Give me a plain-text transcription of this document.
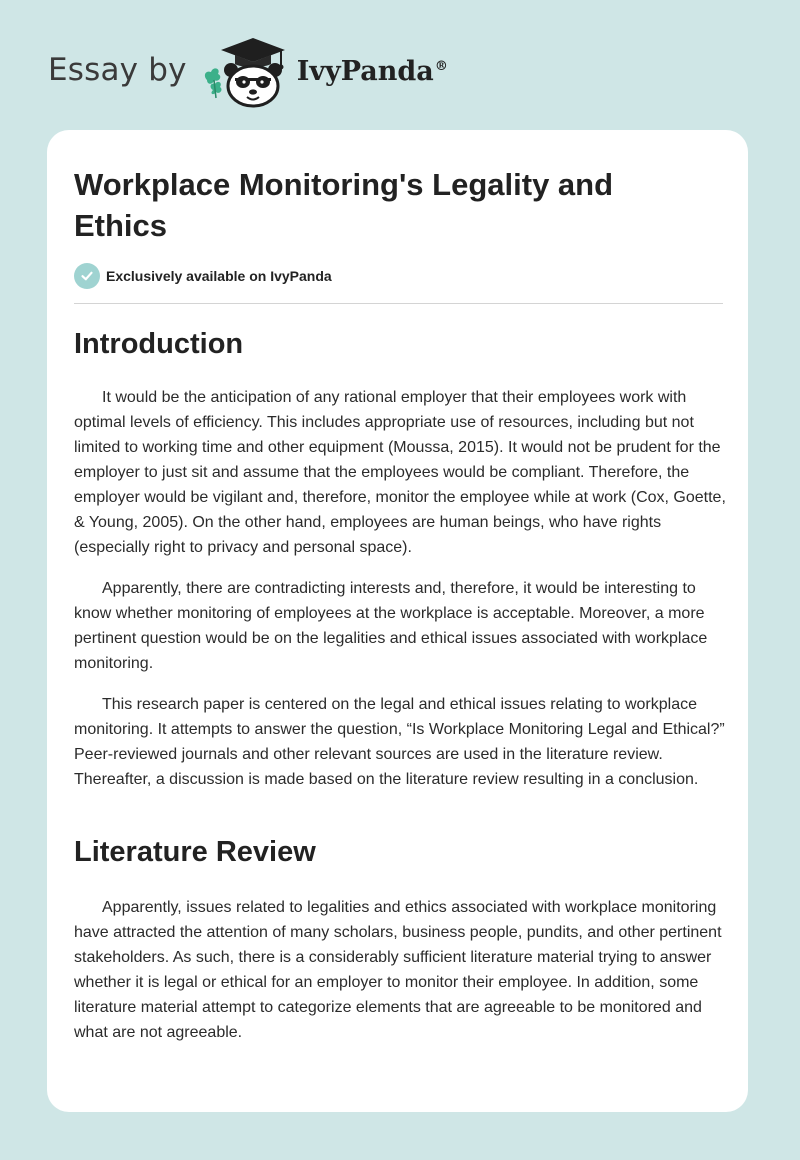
Essay by	IvyPanda®
Workplace Monitoring's Legality and Ethics
Exclusively available on IvyPanda
Introduction

It would be the anticipation of any rational employer that their employees work with optimal levels of efficiency. This includes appropriate use of resources, including but not limited to working time and other equipment (Moussa, 2015). It would not be prudent for the employer to just sit and assume that the employees would be compliant. Therefore, the employer would be vigilant and, therefore, monitor the employee while at work (Cox, Goette, & Young, 2005). On the other hand, employees are human beings, who have rights (especially right to privacy and personal space).

Apparently, there are contradicting interests and, therefore, it would be interesting to know whether monitoring of employees at the workplace is acceptable. Moreover, a more pertinent question would be on the legalities and ethical issues associated with workplace monitoring.

This research paper is centered on the legal and ethical issues relating to workplace monitoring. It attempts to answer the question, “Is Workplace Monitoring Legal and Ethical?” Peer-reviewed journals and other relevant sources are used in the literature review. Thereafter, a discussion is made based on the literature review resulting in a conclusion.

Literature Review

Apparently, issues related to legalities and ethics associated with workplace monitoring have attracted the attention of many scholars, business people, pundits, and other pertinent stakeholders. As such, there is a considerably sufficient literature material trying to answer whether it is legal or ethical for an employer to monitor their employee. In addition, some literature material attempt to categorize elements that are agreeable to be monitored and what are not agreeable.
